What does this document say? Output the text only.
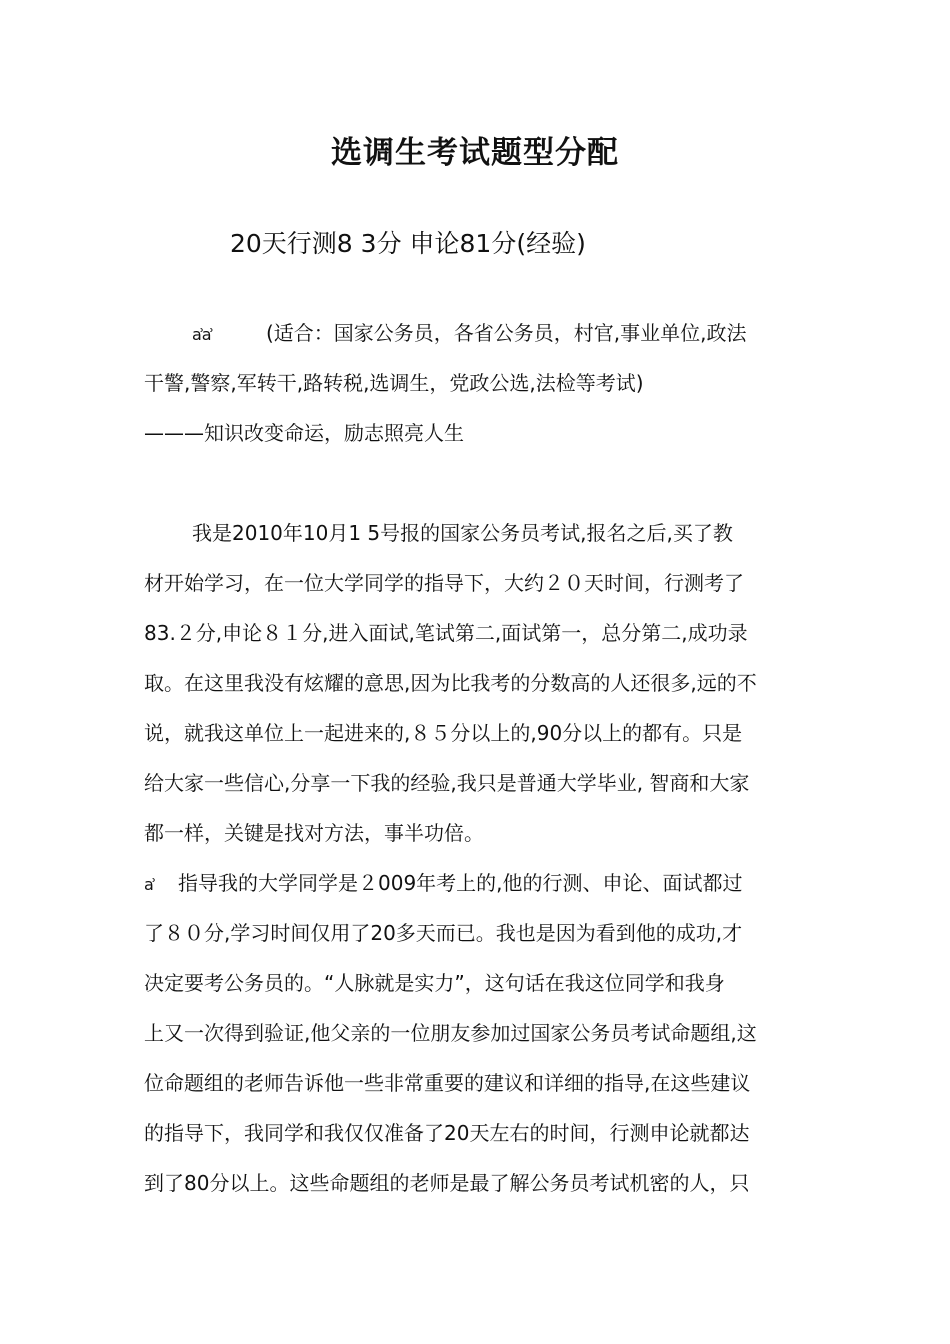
选调生考试题型分配
20天行测8 3分 申论81分(经验)
ẚẚ	(适合：国家公务员，各省公务员，村官,事业单位,政法
干警,警察,军转干,路转税,选调生，党政公选,法检等考试)
———知识改变命运，励志照亮人生
我是2010年10月1 5号报的国家公务员考试,报名之后,买了教
材开始学习，在一位大学同学的指导下，大约２０天时间，行测考了
83.２分,申论８１分,进入面试,笔试第二,面试第一，总分第二,成功录
取。在这里我没有炫耀的意思,因为比我考的分数高的人还很多,远的不
说，就我这单位上一起进来的,８５分以上的,90分以上的都有。只是
给大家一些信心,分享一下我的经验,我只是普通大学毕业, 智商和大家
都一样，关键是找对方法，事半功倍。
ẚ 指导我的大学同学是２009年考上的,他的行测、申论、面试都过
了８０分,学习时间仅用了20多天而已。我也是因为看到他的成功,才
决定要考公务员的。“人脉就是实力”，这句话在我这位同学和我身
上又一次得到验证,他父亲的一位朋友参加过国家公务员考试命题组,这
位命题组的老师告诉他一些非常重要的建议和详细的指导,在这些建议
的指导下，我同学和我仅仅准备了20天左右的时间，行测申论就都达
到了80分以上。这些命题组的老师是最了解公务员考试机密的人，只
